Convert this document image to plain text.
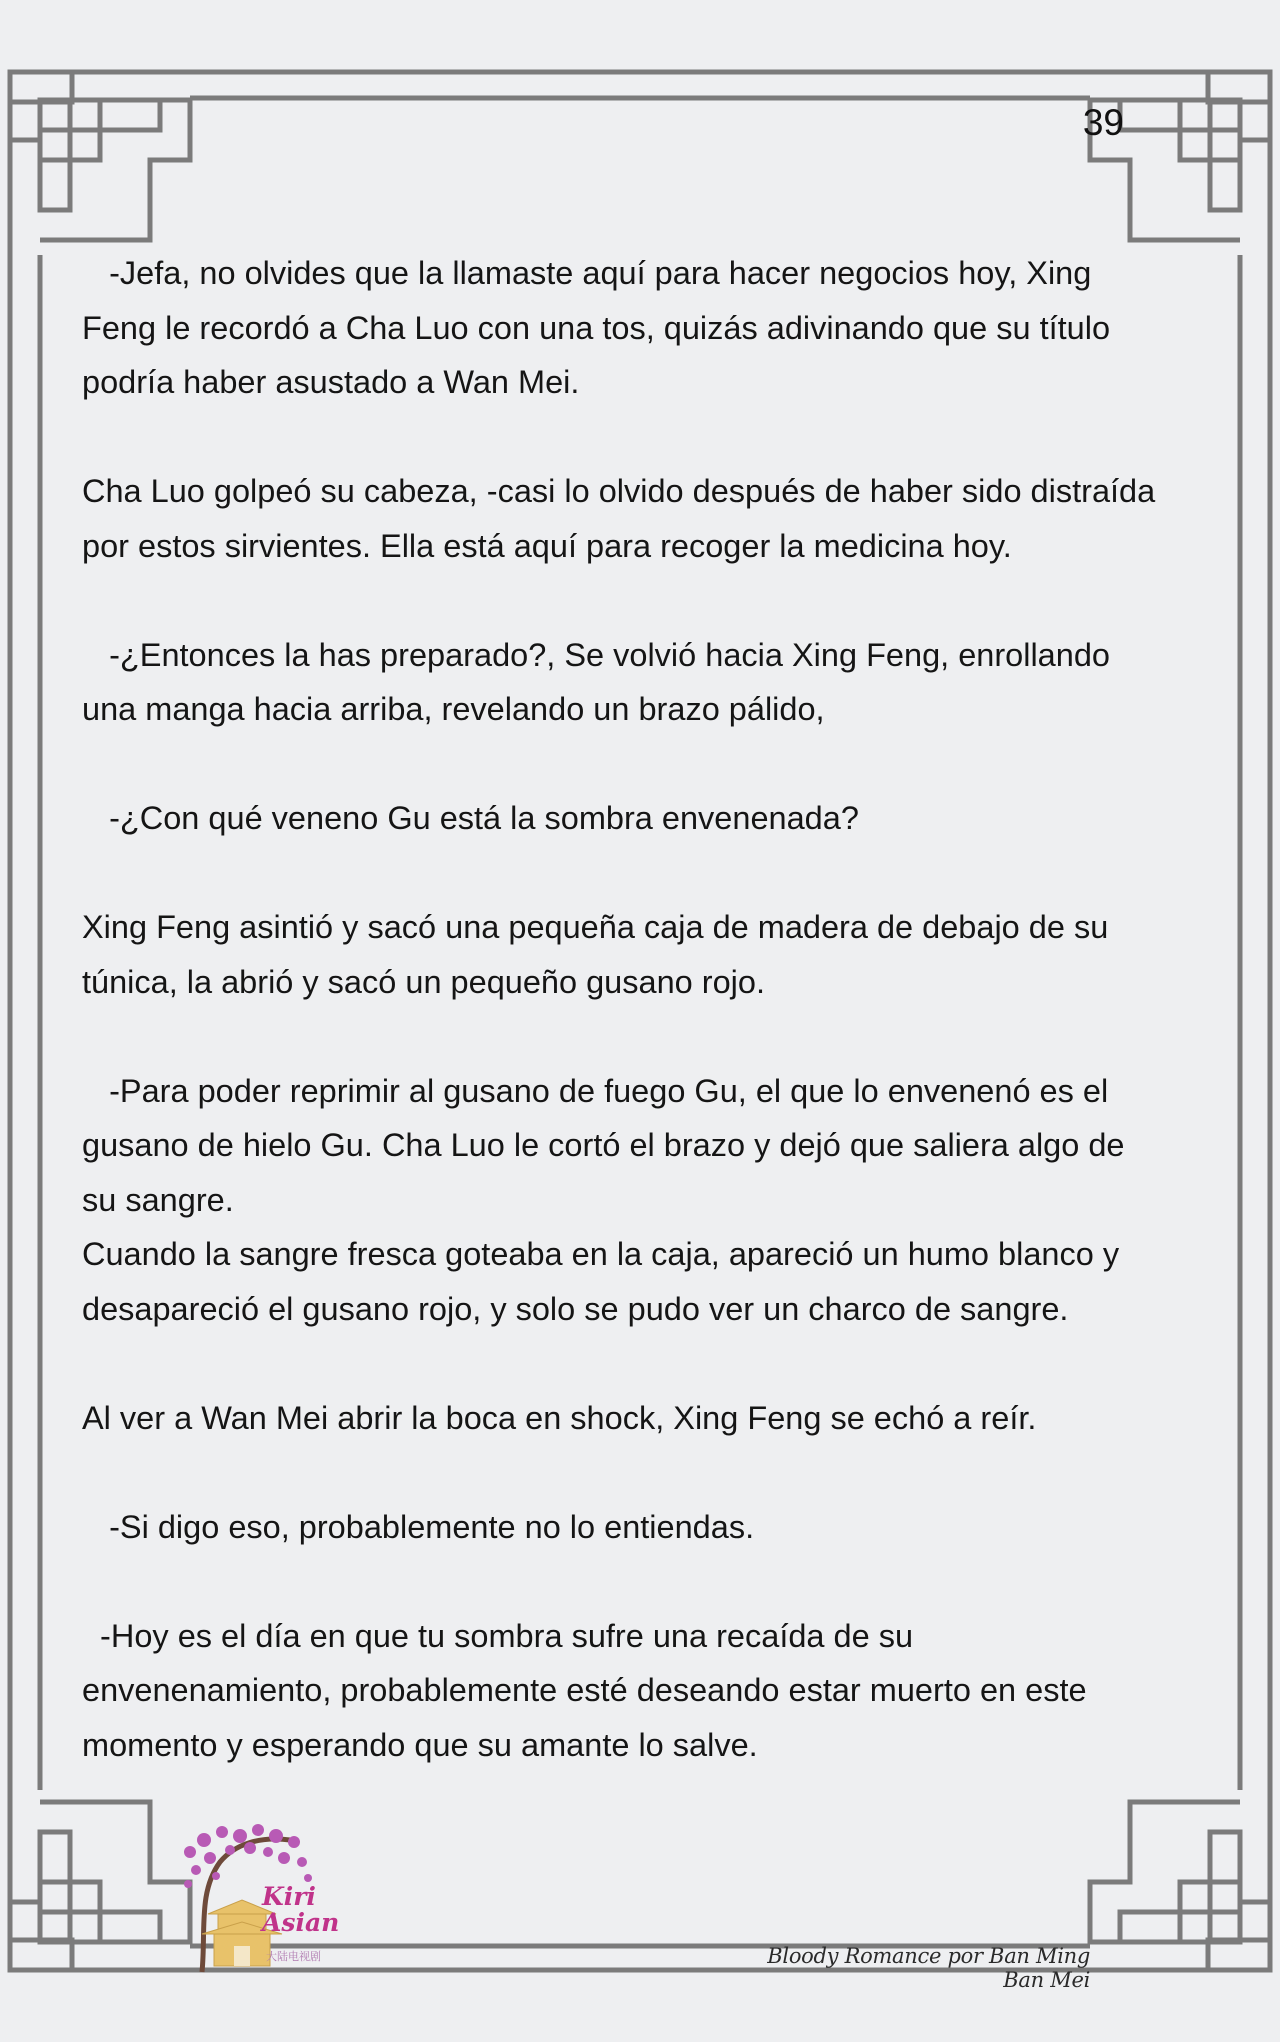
39

-Jefa, no olvides que la llamaste aquí para hacer negocios hoy, Xing

Feng le recordó a Cha Luo con una tos, quizás adivinando que su título

podría haber asustado a Wan Mei.

Cha Luo golpeó su cabeza, -casi lo olvido después de haber sido distraída

por estos sirvientes. Ella está aquí para recoger la medicina hoy.

-¿Entonces la has preparado?, Se volvió hacia Xing Feng, enrollando

una manga hacia arriba, revelando un brazo pálido,

-¿Con qué veneno Gu está la sombra envenenada?

Xing Feng asintió y sacó una pequeña caja de madera de debajo de su

túnica, la abrió y sacó un pequeño gusano rojo.

-Para poder reprimir al gusano de fuego Gu, el que lo envenenó es el

gusano de hielo Gu. Cha Luo le cortó el brazo y dejó que saliera algo de

su sangre.

Cuando la sangre fresca goteaba en la caja, apareció un humo blanco y

desapareció el gusano rojo, y solo se pudo ver un charco de sangre.

Al ver a Wan Mei abrir la boca en shock, Xing Feng se echó a reír.

-Si digo eso, probablemente no lo entiendas.

-Hoy es el día en que tu sombra sufre una recaída de su

envenenamiento, probablemente esté deseando estar muerto en este

momento y esperando que su amante lo salve.

Kiri
Asian
大陆电视剧	Bloody Romance por Ban Ming Ban Mei
